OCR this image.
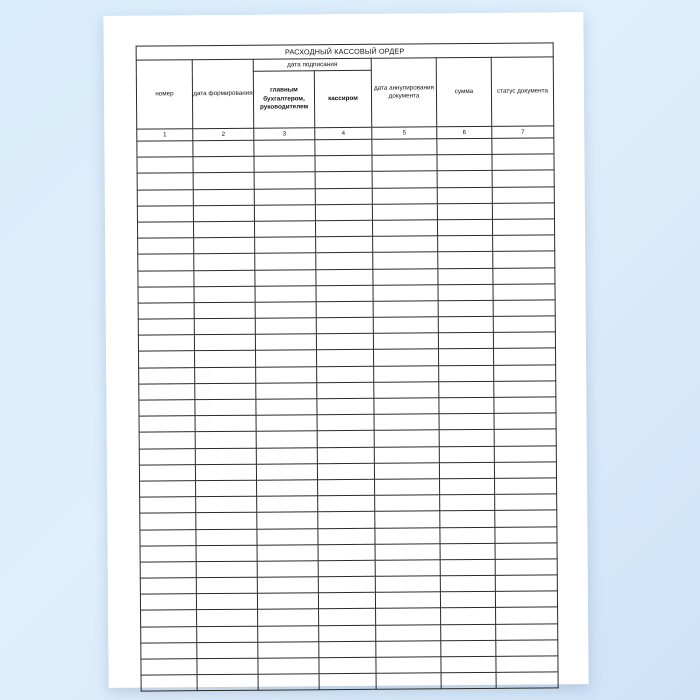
РАСХОДНЫЙ КАССОВЫЙ ОРДЕР						
номер	дата формирования	дата подписания		дата аннулирования документа	сумма	статус документа
		главным бухгалтером, руководителем	кассиром			
1	2	3	4	5	6	7
